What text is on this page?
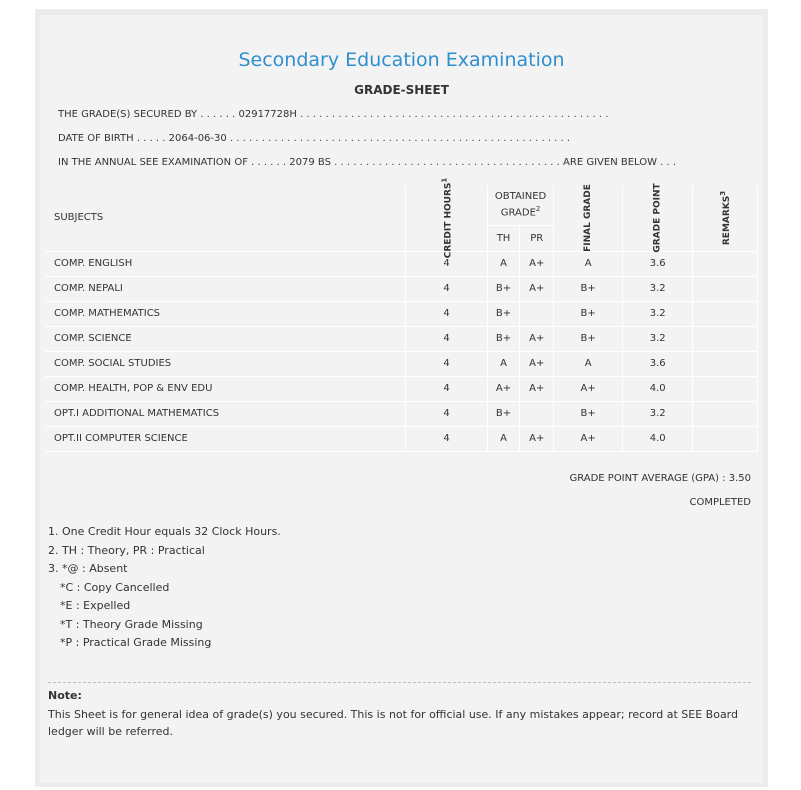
Secondary Education Examination
GRADE-SHEET
THE GRADE(S) SECURED BY . . . . . . 02917728H . . . . . . . . . . . . . . . . . . . . . . . . . . . . . . . . . . . . . . . . . . . . . . . . .
DATE OF BIRTH . . . . . 2064-06-30 . . . . . . . . . . . . . . . . . . . . . . . . . . . . . . . . . . . . . . . . . . . . . . . . . . . . . .
IN THE ANNUAL SEE EXAMINATION OF . . . . . . 2079 BS . . . . . . . . . . . . . . . . . . . . . . . . . . . . . . . . . . . . ARE GIVEN BELOW . . .
SUBJECTS	CREDIT HOURS$^1$	OBTAINED GRADE$^2$		FINAL GRADE	GRADE POINT	REMARKS$^3$
		TH	PR			
COMP. ENGLISH	4	A	A+	A	3.6	
COMP. NEPALI	4	B+	A+	B+	3.2	
COMP. MATHEMATICS	4	B+		B+	3.2	
COMP. SCIENCE	4	B+	A+	B+	3.2	
COMP. SOCIAL STUDIES	4	A	A+	A	3.6	
COMP. HEALTH, POP & ENV EDU	4	A+	A+	A+	4.0	
OPT.I ADDITIONAL MATHEMATICS	4	B+		B+	3.2	
OPT.II COMPUTER SCIENCE	4	A	A+	A+	4.0	
GRADE POINT AVERAGE (GPA) : 3.50
COMPLETED
1. One Credit Hour equals 32 Clock Hours.
2. TH : Theory, PR : Practical
3. *@ : Absent
*C : Copy Cancelled
*E : Expelled
*T : Theory Grade Missing
*P : Practical Grade Missing
Note:
This Sheet is for general idea of grade(s) you secured. This is not for official use. If any mistakes appear; record at SEE Board ledger will be referred.
